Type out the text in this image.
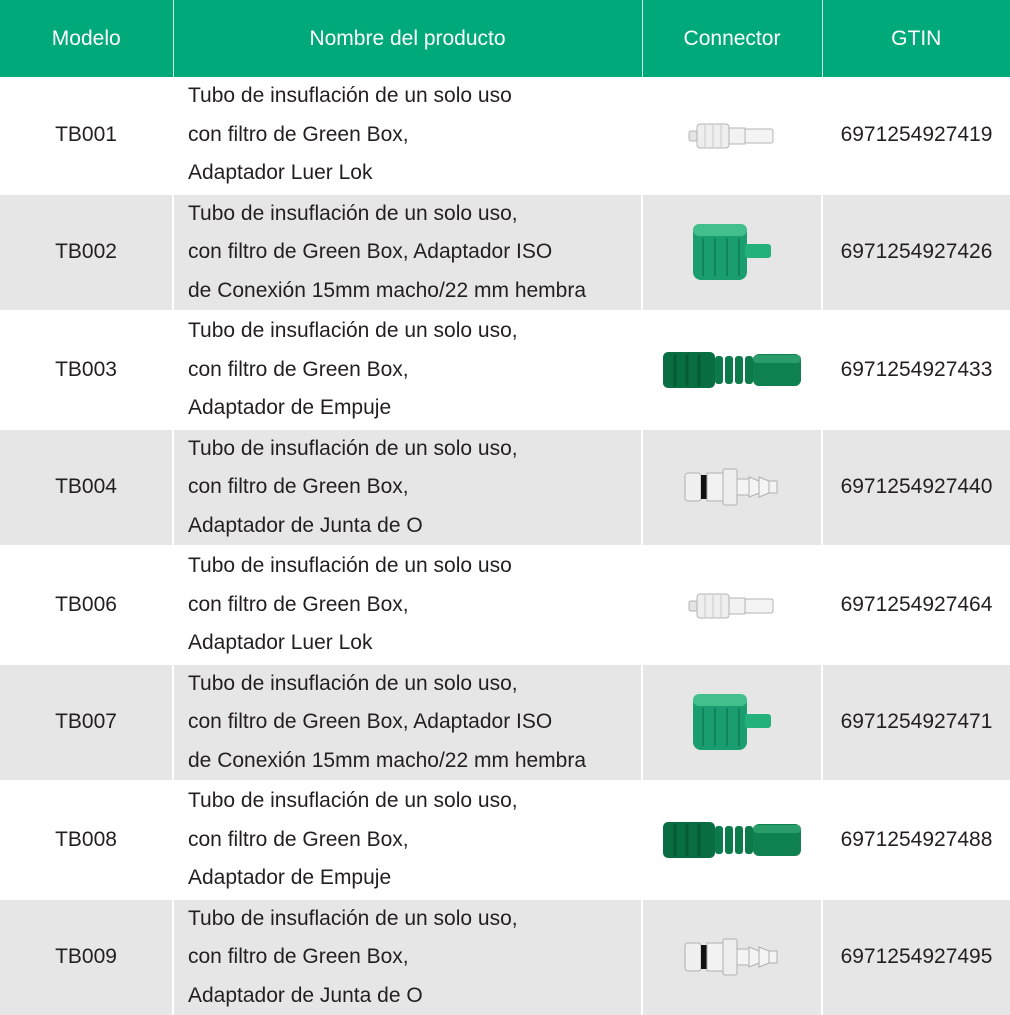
Modelo	Nombre del producto	Connector	GTIN
TB001	Tubo de insuflación de un solo uso
con filtro de Green Box,
Adaptador Luer Lok		6971254927419
TB002	Tubo de insuflación de un solo uso,
con filtro de Green Box, Adaptador ISO
de Conexión 15mm macho/22 mm hembra		6971254927426
TB003	Tubo de insuflación de un solo uso,
con filtro de Green Box,
Adaptador de Empuje		6971254927433
TB004	Tubo de insuflación de un solo uso,
con filtro de Green Box,
Adaptador de Junta de O		6971254927440
TB006	Tubo de insuflación de un solo uso
con filtro de Green Box,
Adaptador Luer Lok		6971254927464
TB007	Tubo de insuflación de un solo uso,
con filtro de Green Box, Adaptador ISO
de Conexión 15mm macho/22 mm hembra		6971254927471
TB008	Tubo de insuflación de un solo uso,
con filtro de Green Box,
Adaptador de Empuje		6971254927488
TB009	Tubo de insuflación de un solo uso,
con filtro de Green Box,
Adaptador de Junta de O		6971254927495
